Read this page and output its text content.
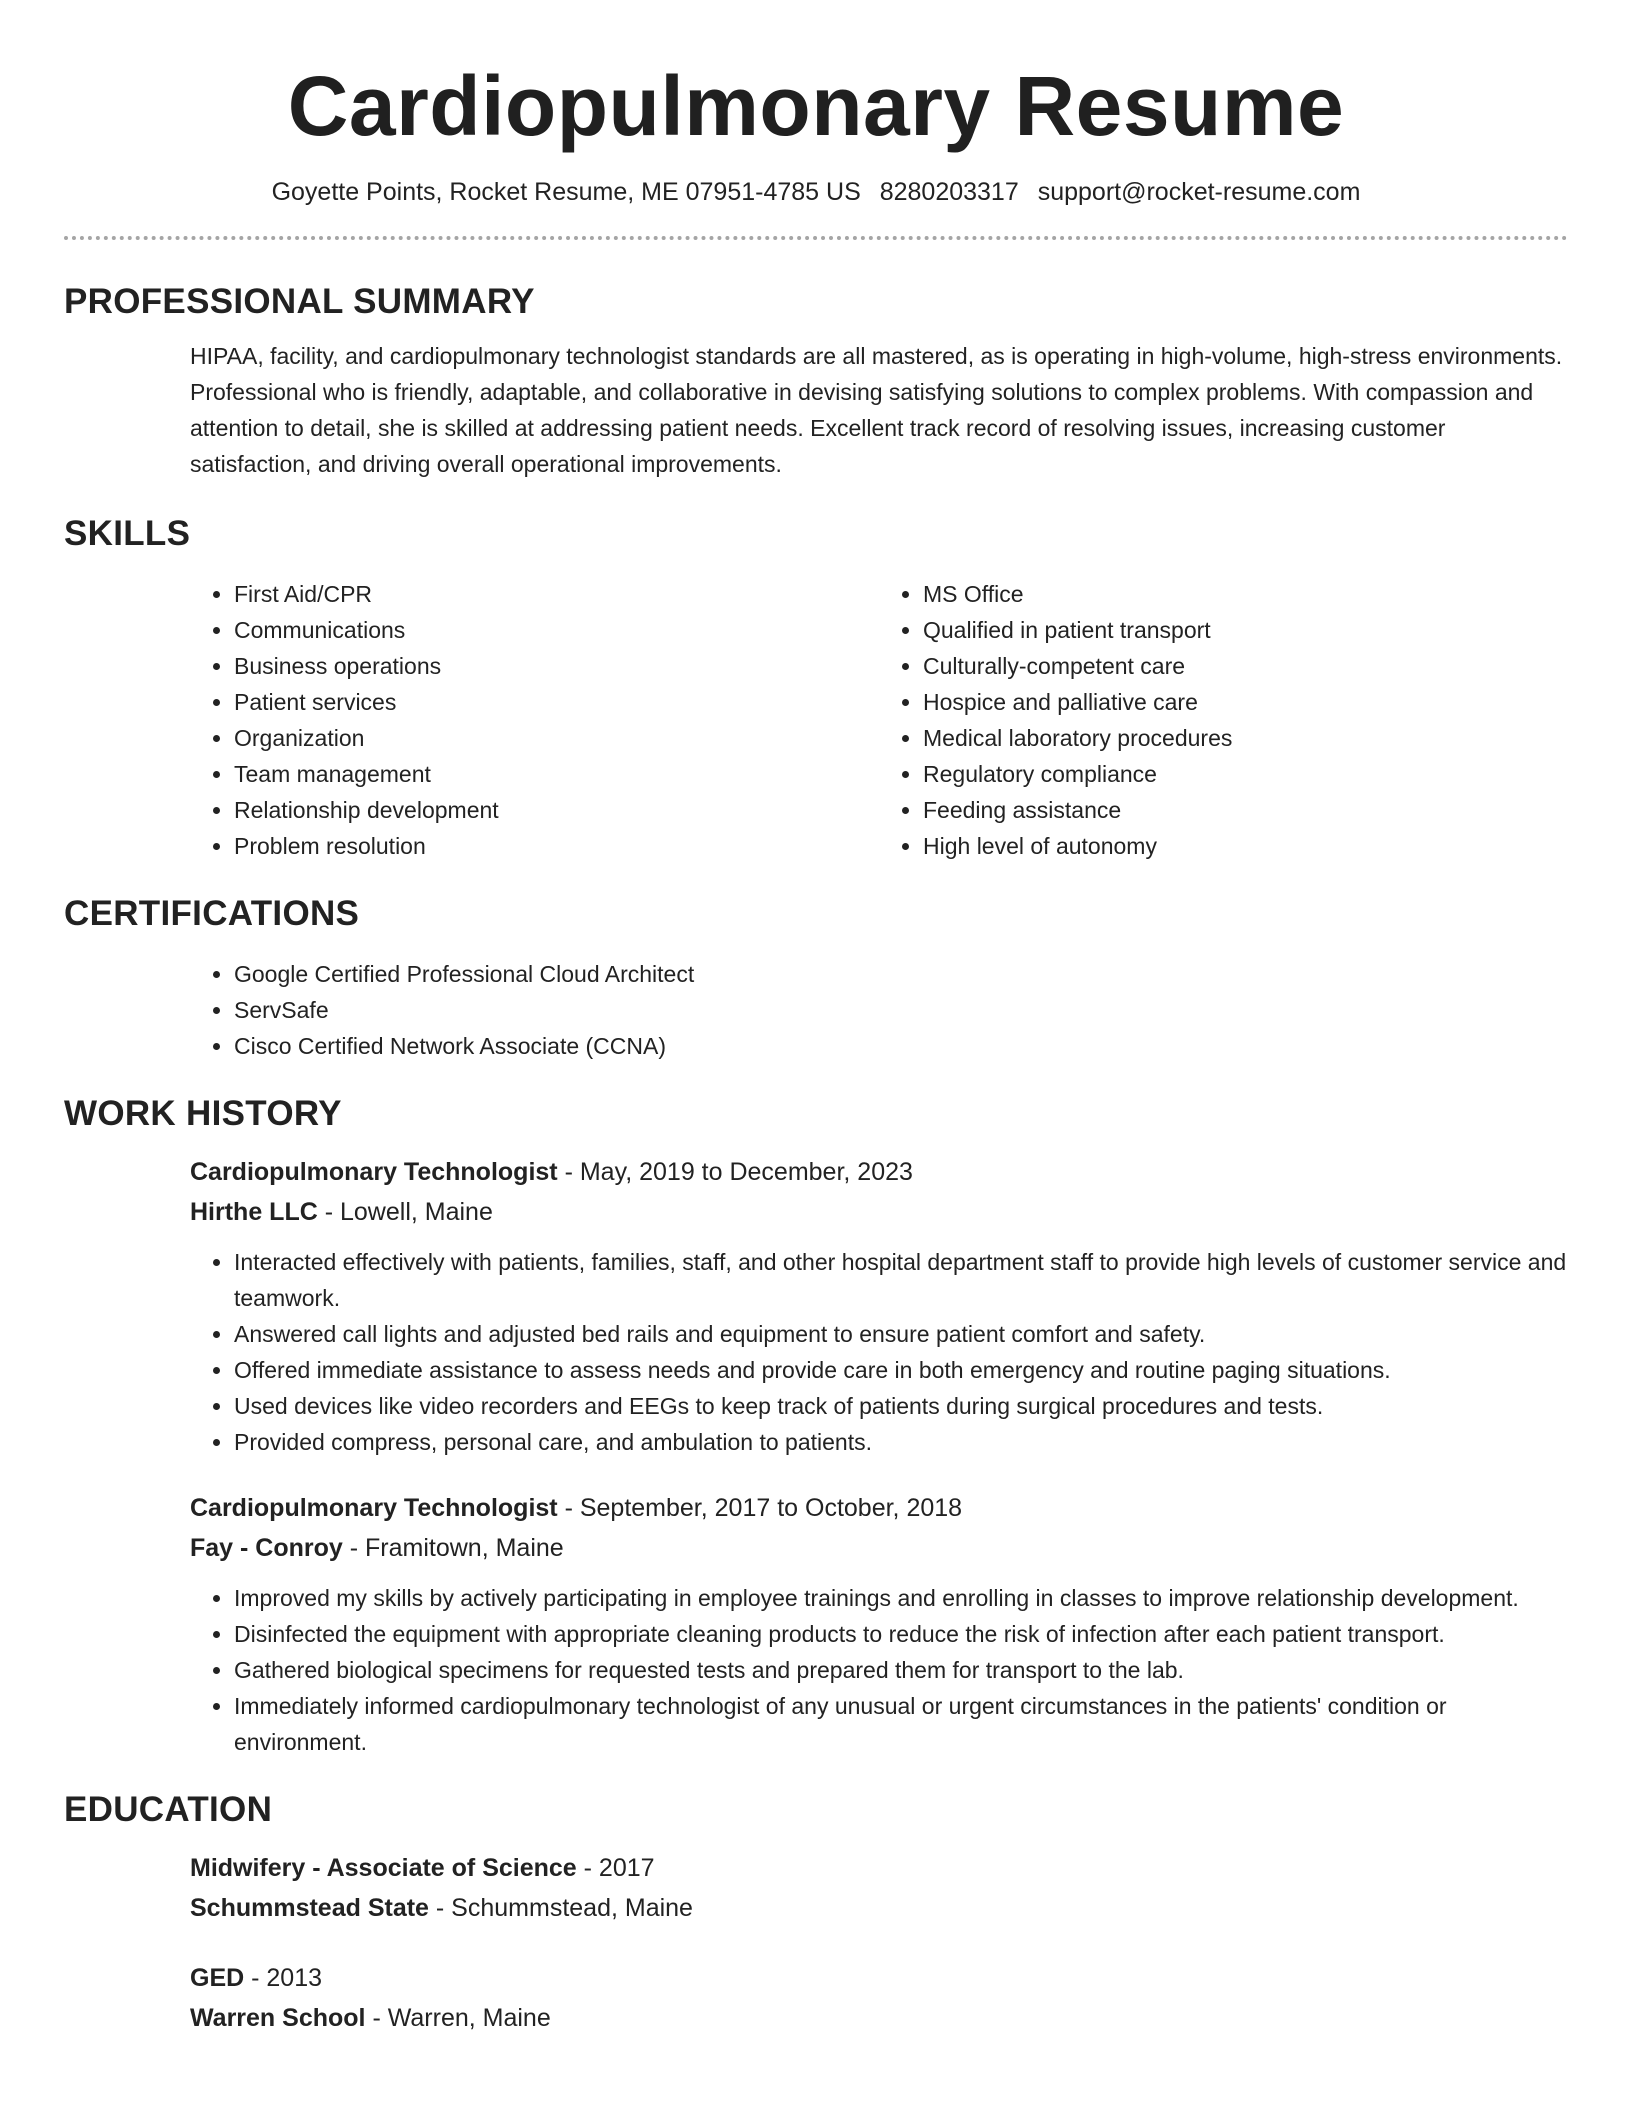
Cardiopulmonary Resume
Goyette Points, Rocket Resume, ME 07951-4785 US 8280203317 support@rocket-resume.com
PROFESSIONAL SUMMARY

HIPAA, facility, and cardiopulmonary technologist standards are all mastered, as is operating in high-volume, high-stress environments. Professional who is friendly, adaptable, and collaborative in devising satisfying solutions to complex problems. With compassion and attention to detail, she is skilled at addressing patient needs. Excellent track record of resolving issues, increasing customer satisfaction, and driving overall operational improvements.

SKILLS
• First Aid/CPR
• Communications
• Business operations
• Patient services
• Organization
• Team management
• Relationship development
• Problem resolution
• MS Office
• Qualified in patient transport
• Culturally-competent care
• Hospice and palliative care
• Medical laboratory procedures
• Regulatory compliance
• Feeding assistance
• High level of autonomy
CERTIFICATIONS
• Google Certified Professional Cloud Architect
• ServSafe
• Cisco Certified Network Associate (CCNA)
WORK HISTORY

Cardiopulmonary Technologist - May, 2019 to December, 2023

Hirthe LLC - Lowell, Maine

• Interacted effectively with patients, families, staff, and other hospital department staff to provide high levels of customer service and teamwork.
• Answered call lights and adjusted bed rails and equipment to ensure patient comfort and safety.
• Offered immediate assistance to assess needs and provide care in both emergency and routine paging situations.
• Used devices like video recorders and EEGs to keep track of patients during surgical procedures and tests.
• Provided compress, personal care, and ambulation to patients.

Cardiopulmonary Technologist - September, 2017 to October, 2018

Fay - Conroy - Framitown, Maine

• Improved my skills by actively participating in employee trainings and enrolling in classes to improve relationship development.
• Disinfected the equipment with appropriate cleaning products to reduce the risk of infection after each patient transport.
• Gathered biological specimens for requested tests and prepared them for transport to the lab.
• Immediately informed cardiopulmonary technologist of any unusual or urgent circumstances in the patients' condition or environment.
EDUCATION

Midwifery - Associate of Science - 2017

Schummstead State - Schummstead, Maine

GED - 2013

Warren School - Warren, Maine
